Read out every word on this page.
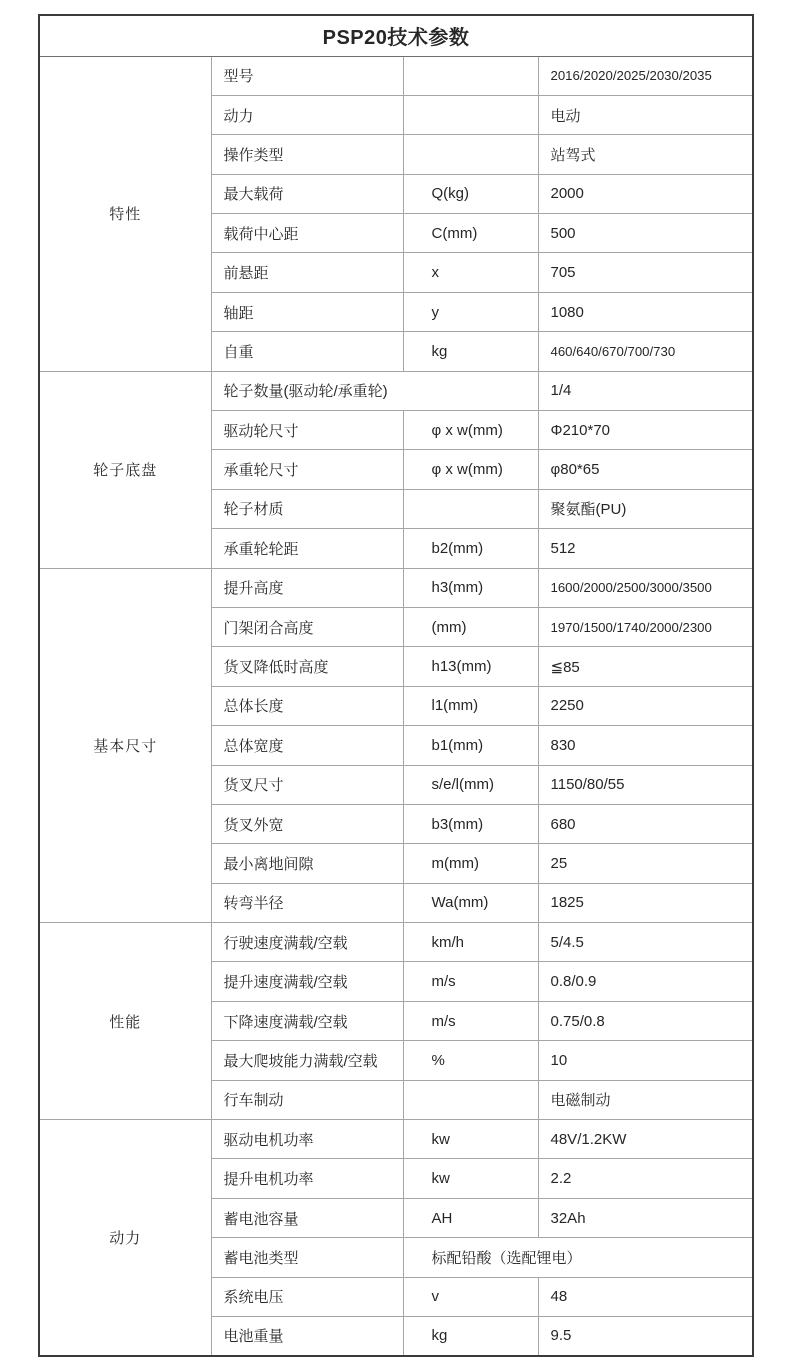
PSP20技术参数			
特性	型号		2016/2020/2025/2030/2035
	动力		电动
	操作类型		站驾式
	最大载荷	Q(kg)	2000
	载荷中心距	C(mm)	500
	前悬距	x	705
	轴距	y	1080
	自重	kg	460/640/670/700/730
轮子底盘	轮子数量(驱动轮/承重轮)		1/4
	驱动轮尺寸	φ x w(mm)	Φ210*70
	承重轮尺寸	φ x w(mm)	φ80*65
	轮子材质		聚氨酯(PU)
	承重轮轮距	b2(mm)	512
基本尺寸	提升高度	h3(mm)	1600/2000/2500/3000/3500
	门架闭合高度	(mm)	1970/1500/1740/2000/2300
	货叉降低时高度	h13(mm)	≦85
	总体长度	l1(mm)	2250
	总体宽度	b1(mm)	830
	货叉尺寸	s/e/l(mm)	1150/80/55
	货叉外宽	b3(mm)	680
	最小离地间隙	m(mm)	25
	转弯半径	Wa(mm)	1825
性能	行驶速度满载/空载	km/h	5/4.5
	提升速度满载/空载	m/s	0.8/0.9
	下降速度满载/空载	m/s	0.75/0.8
	最大爬坡能力满载/空载	%	10
	行车制动		电磁制动
动力	驱动电机功率	kw	48V/1.2KW
	提升电机功率	kw	2.2
	蓄电池容量	AH	32Ah
	蓄电池类型	标配铅酸（选配锂电）	
	系统电压	v	48
	电池重量	kg	9.5
